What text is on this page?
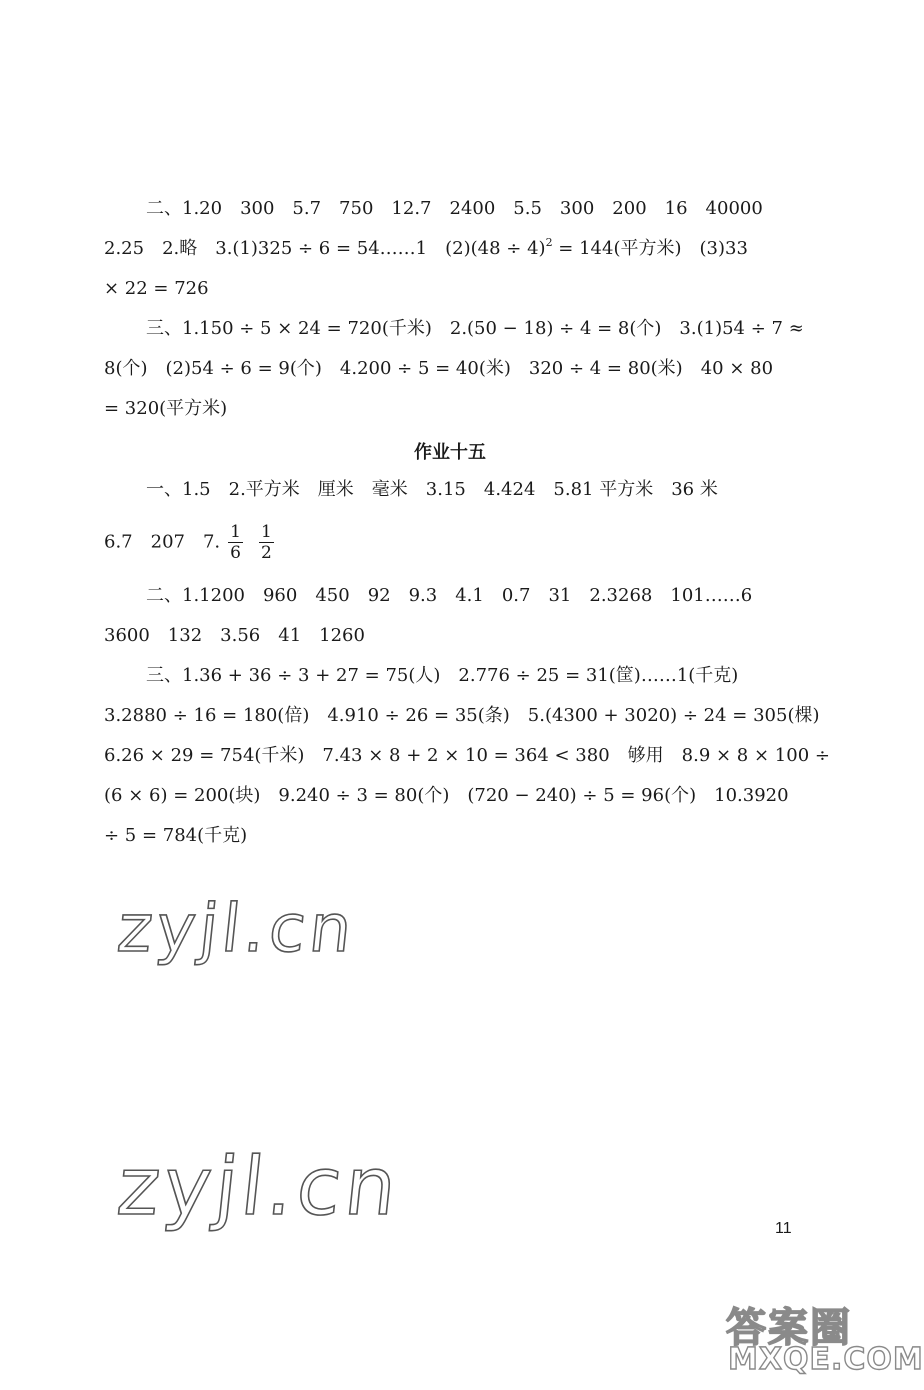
二、1.20　300　5.7　750　12.7　2400　5.5　300　200　16　40000

2.25　2.略　3.(1)325 ÷ 6 = 54……1　$(2)(48 \div 4)^2 = 144$(平方米)　(3)33

× 22 = 726

三、1.150 ÷ 5 × 24 = 720(千米)　2.(50 − 18) ÷ 4 = 8(个)　3.(1)54 ÷ 7 ≈

8(个)　(2)54 ÷ 6 = 9(个)　4.200 ÷ 5 = 40(米)　320 ÷ 4 = 80(米)　40 × 80

= 320(平方米)

作业十五

一、1.5　2.平方米　厘米　毫米　3.15　4.424　5.81 平方米　36 米

6.7　207　7. $\frac{1}{6} \frac{1}{2}$

二、1.1200　960　450　92　9.3　4.1　0.7　31　2.3268　101……6

3600　132　3.56　41　1260

三、1.36 + 36 ÷ 3 + 27 = 75(人)　2.776 ÷ 25 = 31(筐)……1(千克)

3.2880 ÷ 16 = 180(倍)　4.910 ÷ 26 = 35(条)　5.(4300 + 3020) ÷ 24 = 305(棵)

6.26 × 29 = 754(千米)　7.43 × 8 + 2 × 10 = 364 < 380　够用　8.9 × 8 × 100 ÷

(6 × 6) = 200(块)　9.240 ÷ 3 = 80(个)　(720 − 240) ÷ 5 = 96(个)　10.3920

÷ 5 = 784(千克)

zyjl.cn
zyjl.cn	11

答案圈

MXQE.COM
